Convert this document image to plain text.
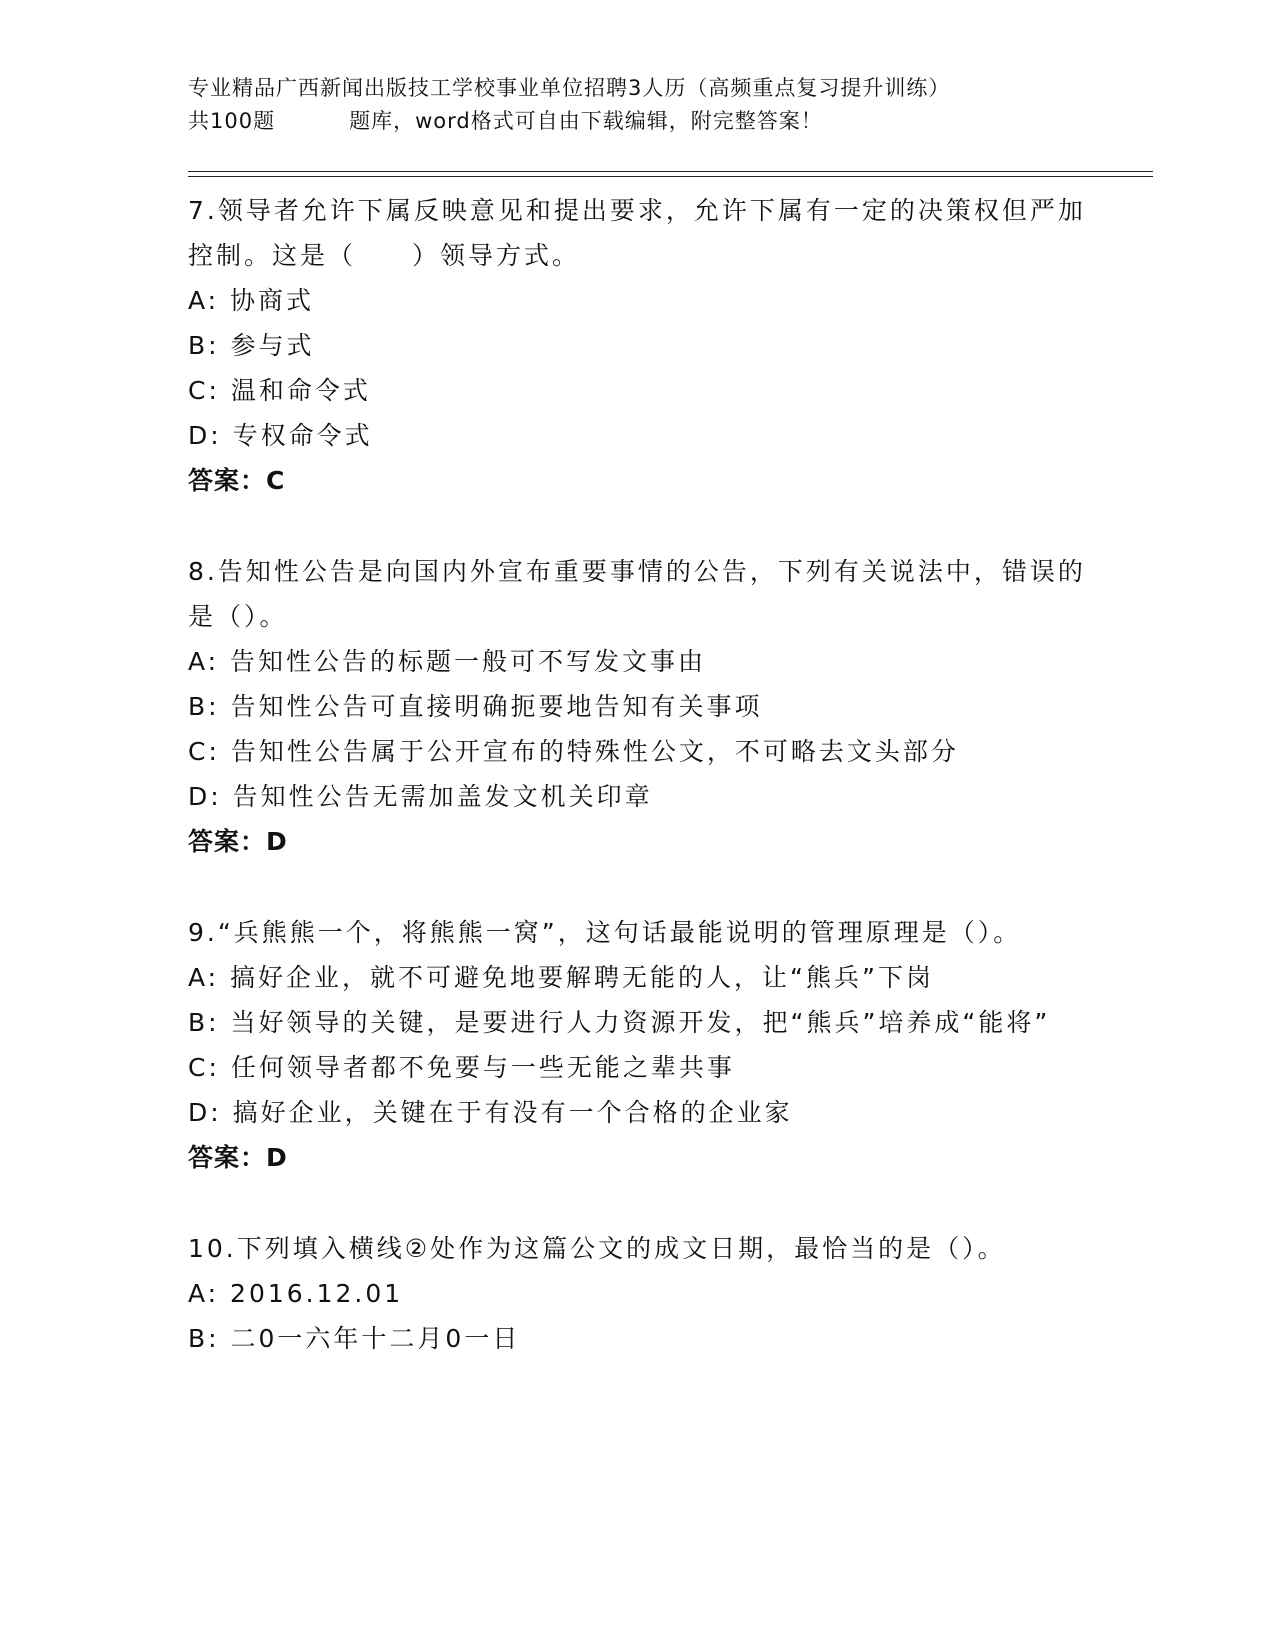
专业精品广西新闻出版技工学校事业单位招聘3人历（高频重点复习提升训练）
共100题	题库，word格式可自由下载编辑，附完整答案！

7.领导者允许下属反映意见和提出要求，允许下属有一定的决策权但严加控制。这是（　　）领导方式。

A: 协商式

B: 参与式

C: 温和命令式

D: 专权命令式

答案：C

8.告知性公告是向国内外宣布重要事情的公告，下列有关说法中，错误的是（）。

A: 告知性公告的标题一般可不写发文事由

B: 告知性公告可直接明确扼要地告知有关事项

C: 告知性公告属于公开宣布的特殊性公文，不可略去文头部分

D: 告知性公告无需加盖发文机关印章

答案：D

9.“兵熊熊一个，将熊熊一窝”，这句话最能说明的管理原理是（）。

A: 搞好企业，就不可避免地要解聘无能的人，让“熊兵”下岗

B: 当好领导的关键，是要进行人力资源开发，把“熊兵”培养成“能将”

C: 任何领导者都不免要与一些无能之辈共事

D: 搞好企业，关键在于有没有一个合格的企业家

答案：D

10.下列填入横线②处作为这篇公文的成文日期，最恰当的是（）。

A: 2016.12.01

B: 二0一六年十二月0一日
